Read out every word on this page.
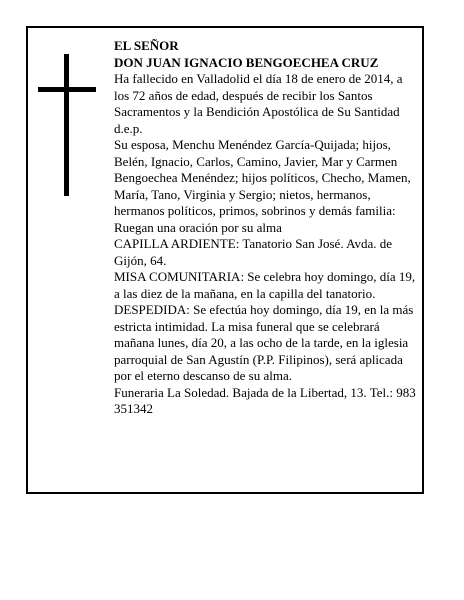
EL SEÑOR

DON JUAN IGNACIO BENGOECHEA CRUZ

Ha fallecido en Valladolid el día 18 de enero de 2014, a los 72 años de edad, después de recibir los Santos Sacramentos y la Bendición Apostólica de Su Santidad d.e.p.

Su esposa, Menchu Menéndez García-Quijada; hijos, Belén, Ignacio, Carlos, Camino, Javier, Mar y Carmen Bengoechea Menéndez; hijos políticos, Checho, Mamen, María, Tano, Virginia y Sergio; nietos, hermanos, hermanos políticos, primos, sobrinos y demás familia:

Ruegan una oración por su alma

CAPILLA ARDIENTE: Tanatorio San José. Avda. de Gijón, 64.

MISA COMUNITARIA: Se celebra hoy domingo, día 19, a las diez de la mañana, en la capilla del tanatorio.

DESPEDIDA: Se efectúa hoy domingo, día 19, en la más estricta intimidad. La misa funeral que se celebrará mañana lunes, día 20, a las ocho de la tarde, en la iglesia parroquial de San Agustín (P.P. Filipinos), será aplicada por el eterno descanso de su alma.

Funeraria La Soledad. Bajada de la Libertad, 13. Tel.: 983 351342
